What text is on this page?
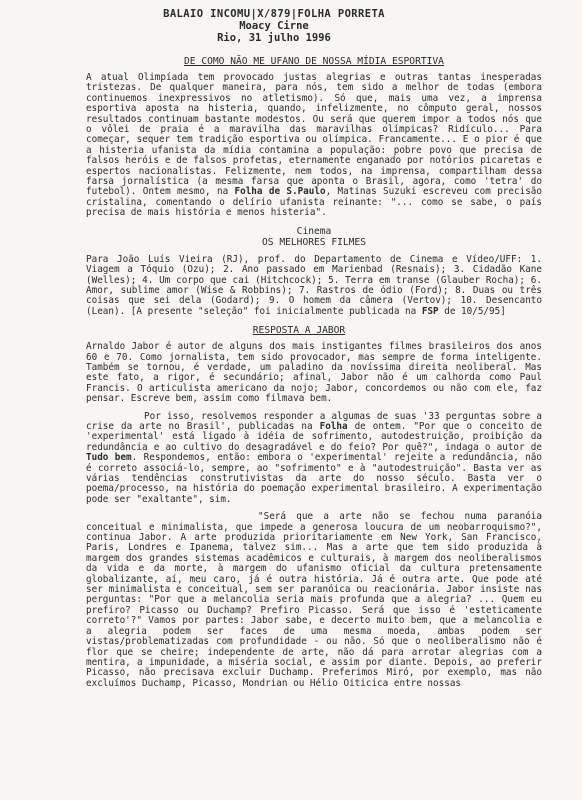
BALAIO INCOMU|X/879|FOLHA PORRETA
Moacy Cirne
Rio, 31 julho 1996
DE COMO NÃO ME UFANO DE NOSSA MÍDIA ESPORTIVA

A atual Olimpíada tem provocado justas alegrias e outras tantas inesperadas tristezas. De qualquer maneira, para nós, tem sido a melhor de todas (embora continuemos inexpressivos no atletismo). Só que, mais uma vez, a imprensa esportiva aposta na histeria, quando, infelizmente, no cômputo geral, nossos resultados continuam bastante modestos. Ou será que querem impor a todos nós que o vôlei de praia é a maravilha das maravilhas olímpicas? Ridículo... Para começar, sequer tem tradição esportiva ou olímpica. Francamente... E o pior é que a histeria ufanista da mídia contamina a população: pobre povo que precisa de falsos heróis e de falsos profetas, eternamente enganado por notórios picaretas e espertos nacionalistas. Felizmente, nem todos, na imprensa, compartilham dessa farsa jornalística (a mesma farsa que aponta o Brasil, agora, como 'tetra' do futebol). Ontem mesmo, na Folha de S.Paulo, Matinas Suzuki escreveu com precisão cristalina, comentando o delírio ufanista reinante: "... como se sabe, o país precisa de mais história e menos histeria".

Cinema
OS MELHORES FILMES

Para João Luís Vieira (RJ), prof. do Departamento de Cinema e Vídeo/UFF: 1. Viagem a Tóquio (Ozu); 2. Ano passado em Marienbad (Resnais); 3. Cidadão Kane (Welles); 4. Um corpo que cai (Hitchcock); 5. Terra em transe (Glauber Rocha); 6. Amor, sublime amor (Wise & Robbins); 7. Rastros de ódio (Ford); 8. Duas ou três coisas que sei dela (Godard); 9. O homem da câmera (Vertov); 10. Desencanto (Lean). [A presente "seleção" foi inicialmente publicada na FSP de 10/5/95]

RESPOSTA A JABOR

Arnaldo Jabor é autor de alguns dos mais instigantes filmes brasileiros dos anos 60 e 70. Como jornalista, tem sido provocador, mas sempre de forma inteligente. Também se tornou, é verdade, um paladino da novíssima direita neoliberal. Mas este fato, a rigor, é secundário; afinal, Jabor não é um calhorda como Paul Francis. O articulista americano da nojo; Jabor, concordemos ou não com ele, faz pensar. Escreve bem, assim como filmava bem.

Por isso, resolvemos responder a algumas de suas '33 perguntas sobre a crise da arte no Brasil', publicadas na Folha de ontem. "Por que o conceito de 'experimental' está ligado à idéia de sofrimento, autodestruição, proibição da redundância e ao cultivo do desagradável e do feio? Por quê?", indaga o autor de Tudo bem. Respondemos, então: embora o 'experimental' rejeite a redundância, não é correto associá-lo, sempre, ao "sofrimento" e à "autodestruição". Basta ver as várias tendências construtivistas da arte do nosso século. Basta ver o poema/processo, na história do poemação experimental brasileiro. A experimentação pode ser "exaltante", sim.

"Será que a arte não se fechou numa paranóia conceitual e minimalista, que impede a generosa loucura de um neobarroquismo?", continua Jabor. A arte produzida prioritariamente em New York, San Francisco, Paris, Londres e Ipanema, talvez sim... Mas a arte que tem sido produzida à margem dos grandes sistemas acadêmicos e culturais, à margem dos neoliberalismos da vida e da morte, à margem do ufanismo oficial da cultura pretensamente globalizante, aí, meu caro, já é outra história. Já é outra arte. Que pode até ser minimalista e conceitual, sem ser paranóica ou reacionária. Jabor insiste nas perguntas: "Por que a melancolia seria mais profunda que a alegria? ... Quem eu prefiro? Picasso ou Duchamp? Prefiro Picasso. Será que isso é 'esteticamente correto'?" Vamos por partes: Jabor sabe, e decerto muito bem, que a melancolia e a alegria podem ser faces de uma mesma moeda, ambas podem ser vistas/problematizadas com profundidade - ou não. Só que o neoliberalismo não é flor que se cheire; independente de arte, não dá para arrotar alegrias com a mentira, a impunidade, a miséria social, e assim por diante. Depois, ao preferir Picasso, não precisava excluir Duchamp. Preferimos Miró, por exemplo, mas não excluímos Duchamp, Picasso, Mondrian ou Hélio Oiticica entre nossas
